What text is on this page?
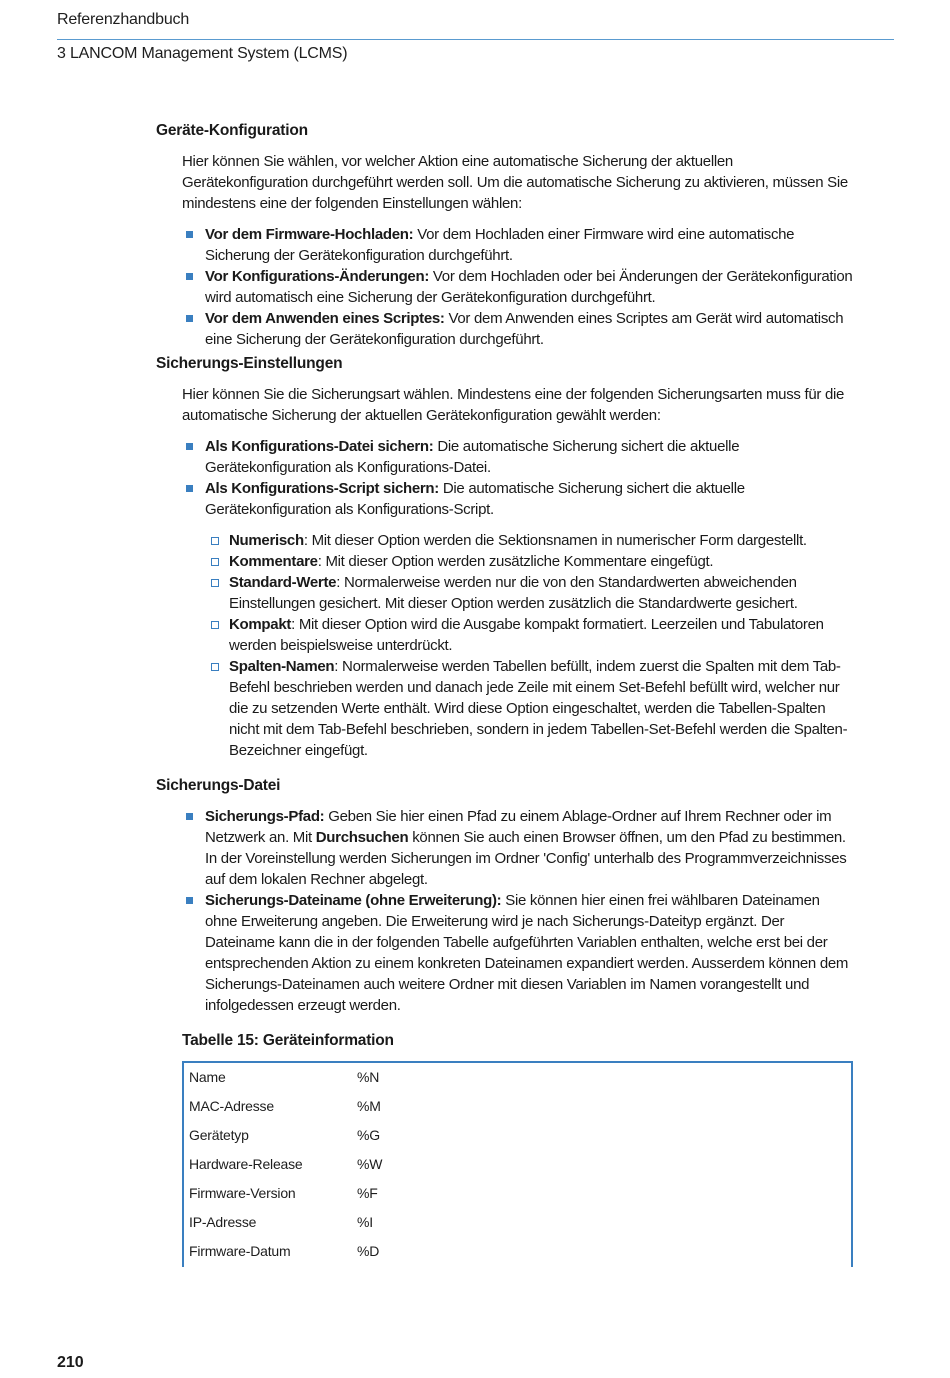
Referenzhandbuch
3 LANCOM Management System (LCMS)
Geräte-Konfiguration

Hier können Sie wählen, vor welcher Aktion eine automatische Sicherung der aktuellen Gerätekonfiguration durchgeführt werden soll. Um die automatische Sicherung zu aktivieren, müssen Sie mindestens eine der folgenden Einstellungen wählen:

Vor dem Firmware-Hochladen: Vor dem Hochladen einer Firmware wird eine automatische Sicherung der Gerätekonfiguration durchgeführt.
Vor Konfigurations-Änderungen: Vor dem Hochladen oder bei Änderungen der Gerätekonfiguration wird automatisch eine Sicherung der Gerätekonfiguration durchgeführt.
Vor dem Anwenden eines Scriptes: Vor dem Anwenden eines Scriptes am Gerät wird automatisch eine Sicherung der Gerätekonfiguration durchgeführt.
Sicherungs-Einstellungen

Hier können Sie die Sicherungsart wählen. Mindestens eine der folgenden Sicherungsarten muss für die automatische Sicherung der aktuellen Gerätekonfiguration gewählt werden:

Als Konfigurations-Datei sichern: Die automatische Sicherung sichert die aktuelle Gerätekonfiguration als Konfigurations-Datei.
Als Konfigurations-Script sichern: Die automatische Sicherung sichert die aktuelle Gerätekonfiguration als Konfigurations-Script.
Numerisch: Mit dieser Option werden die Sektionsnamen in numerischer Form dargestellt.
Kommentare: Mit dieser Option werden zusätzliche Kommentare eingefügt.
Standard-Werte: Normalerweise werden nur die von den Standardwerten abweichenden Einstellungen gesichert. Mit dieser Option werden zusätzlich die Standardwerte gesichert.
Kompakt: Mit dieser Option wird die Ausgabe kompakt formatiert. Leerzeilen und Tabulatoren werden beispielsweise unterdrückt.
Spalten-Namen: Normalerweise werden Tabellen befüllt, indem zuerst die Spalten mit dem Tab-Befehl beschrieben werden und danach jede Zeile mit einem Set-Befehl befüllt wird, welcher nur die zu setzenden Werte enthält. Wird diese Option eingeschaltet, werden die Tabellen-Spalten nicht mit dem Tab-Befehl beschrieben, sondern in jedem Tabellen-Set-Befehl werden die Spalten-Bezeichner eingefügt.
Sicherungs-Datei
Sicherungs-Pfad: Geben Sie hier einen Pfad zu einem Ablage-Ordner auf Ihrem Rechner oder im Netzwerk an. Mit Durchsuchen können Sie auch einen Browser öffnen, um den Pfad zu bestimmen. In der Voreinstellung werden Sicherungen im Ordner 'Config' unterhalb des Programmverzeichnisses auf dem lokalen Rechner abgelegt.
Sicherungs-Dateiname (ohne Erweiterung): Sie können hier einen frei wählbaren Dateinamen ohne Erweiterung angeben. Die Erweiterung wird je nach Sicherungs-Dateityp ergänzt. Der Dateiname kann die in der folgenden Tabelle aufgeführten Variablen enthalten, welche erst bei der entsprechenden Aktion zu einem konkreten Dateinamen expandiert werden. Ausserdem können dem Sicherungs-Dateinamen auch weitere Ordner mit diesen Variablen im Namen vorangestellt und infolgedessen erzeugt werden.
Tabelle 15: Geräteinformation
Name	%N
MAC-Adresse	%M
Gerätetyp	%G
Hardware-Release	%W
Firmware-Version	%F
IP-Adresse	%I
Firmware-Datum	%D
210
